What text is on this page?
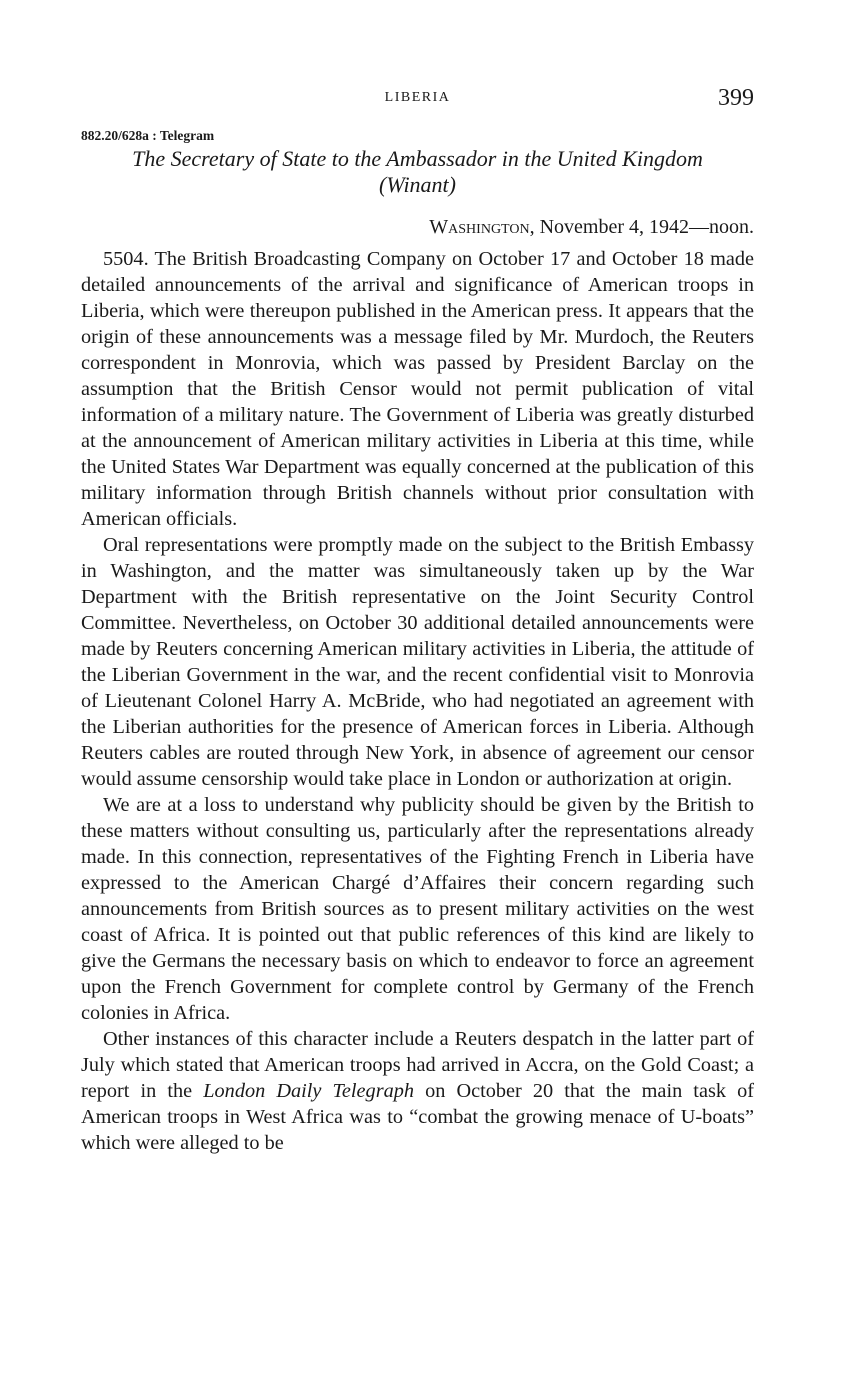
LIBERIA	399
882.20/628a : Telegram
The Secretary of State to the Ambassador in the United Kingdom
(Winant)
Washington, November 4, 1942—noon.

5504. The British Broadcasting Company on October 17 and October 18 made detailed announcements of the arrival and significance of American troops in Liberia, which were thereupon published in the American press. It appears that the origin of these announcements was a message filed by Mr. Murdoch, the Reuters correspondent in Monrovia, which was passed by President Barclay on the assumption that the British Censor would not permit publication of vital information of a military nature. The Government of Liberia was greatly disturbed at the announcement of American military activities in Liberia at this time, while the United States War Department was equally concerned at the publication of this military information through British channels without prior consultation with American officials.

Oral representations were promptly made on the subject to the British Embassy in Washington, and the matter was simultaneously taken up by the War Department with the British representative on the Joint Security Control Committee. Nevertheless, on October 30 additional detailed announcements were made by Reuters concerning American military activities in Liberia, the attitude of the Liberian Government in the war, and the recent confidential visit to Monrovia of Lieutenant Colonel Harry A. McBride, who had negotiated an agreement with the Liberian authorities for the presence of American forces in Liberia. Although Reuters cables are routed through New York, in absence of agreement our censor would assume censorship would take place in London or authorization at origin.

We are at a loss to understand why publicity should be given by the British to these matters without consulting us, particularly after the representations already made. In this connection, representatives of the Fighting French in Liberia have expressed to the American Chargé d’Affaires their concern regarding such announcements from British sources as to present military activities on the west coast of Africa. It is pointed out that public references of this kind are likely to give the Germans the necessary basis on which to endeavor to force an agreement upon the French Government for complete control by Germany of the French colonies in Africa.

Other instances of this character include a Reuters despatch in the latter part of July which stated that American troops had arrived in Accra, on the Gold Coast; a report in the London Daily Telegraph on October 20 that the main task of American troops in West Africa was to “combat the growing menace of U-boats” which were alleged to be
